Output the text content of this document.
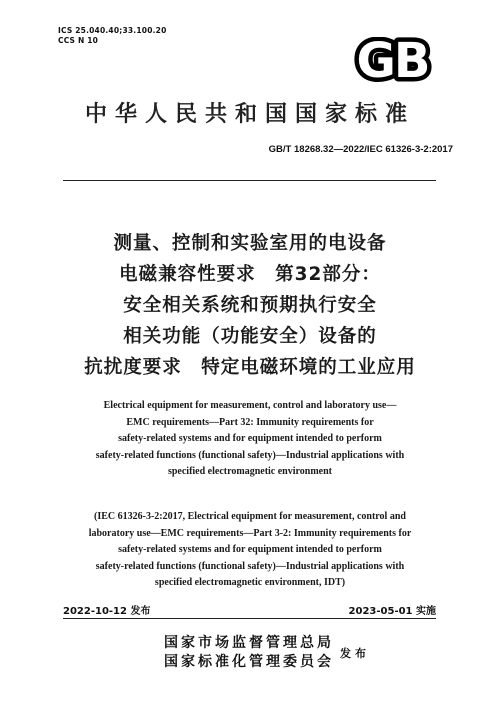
ICS 25.040.40;33.100.20
CCS N 10	GB
中华人民共和国国家标准
GB/T 18268.32—2022/IEC 61326-3-2:2017
测量、控制和实验室用的电设备
电磁兼容性要求　第32部分：
安全相关系统和预期执行安全
相关功能（功能安全）设备的
抗扰度要求　特定电磁环境的工业应用
Electrical equipment for measurement, control and laboratory use—
EMC requirements—Part 32: Immunity requirements for
safety-related systems and for equipment intended to perform
safety-related functions (functional safety)—Industrial applications with
specified electromagnetic environment
(IEC 61326-3-2:2017, Electrical equipment for measurement, control and
laboratory use—EMC requirements—Part 3-2: Immunity requirements for
safety-related systems and for equipment intended to perform
safety-related functions (functional safety)—Industrial applications with
specified electromagnetic environment, IDT)
2022-10-12 发布	2023-05-01 实施
国家市场监督管理总局
国家标准化管理委员会
发布
